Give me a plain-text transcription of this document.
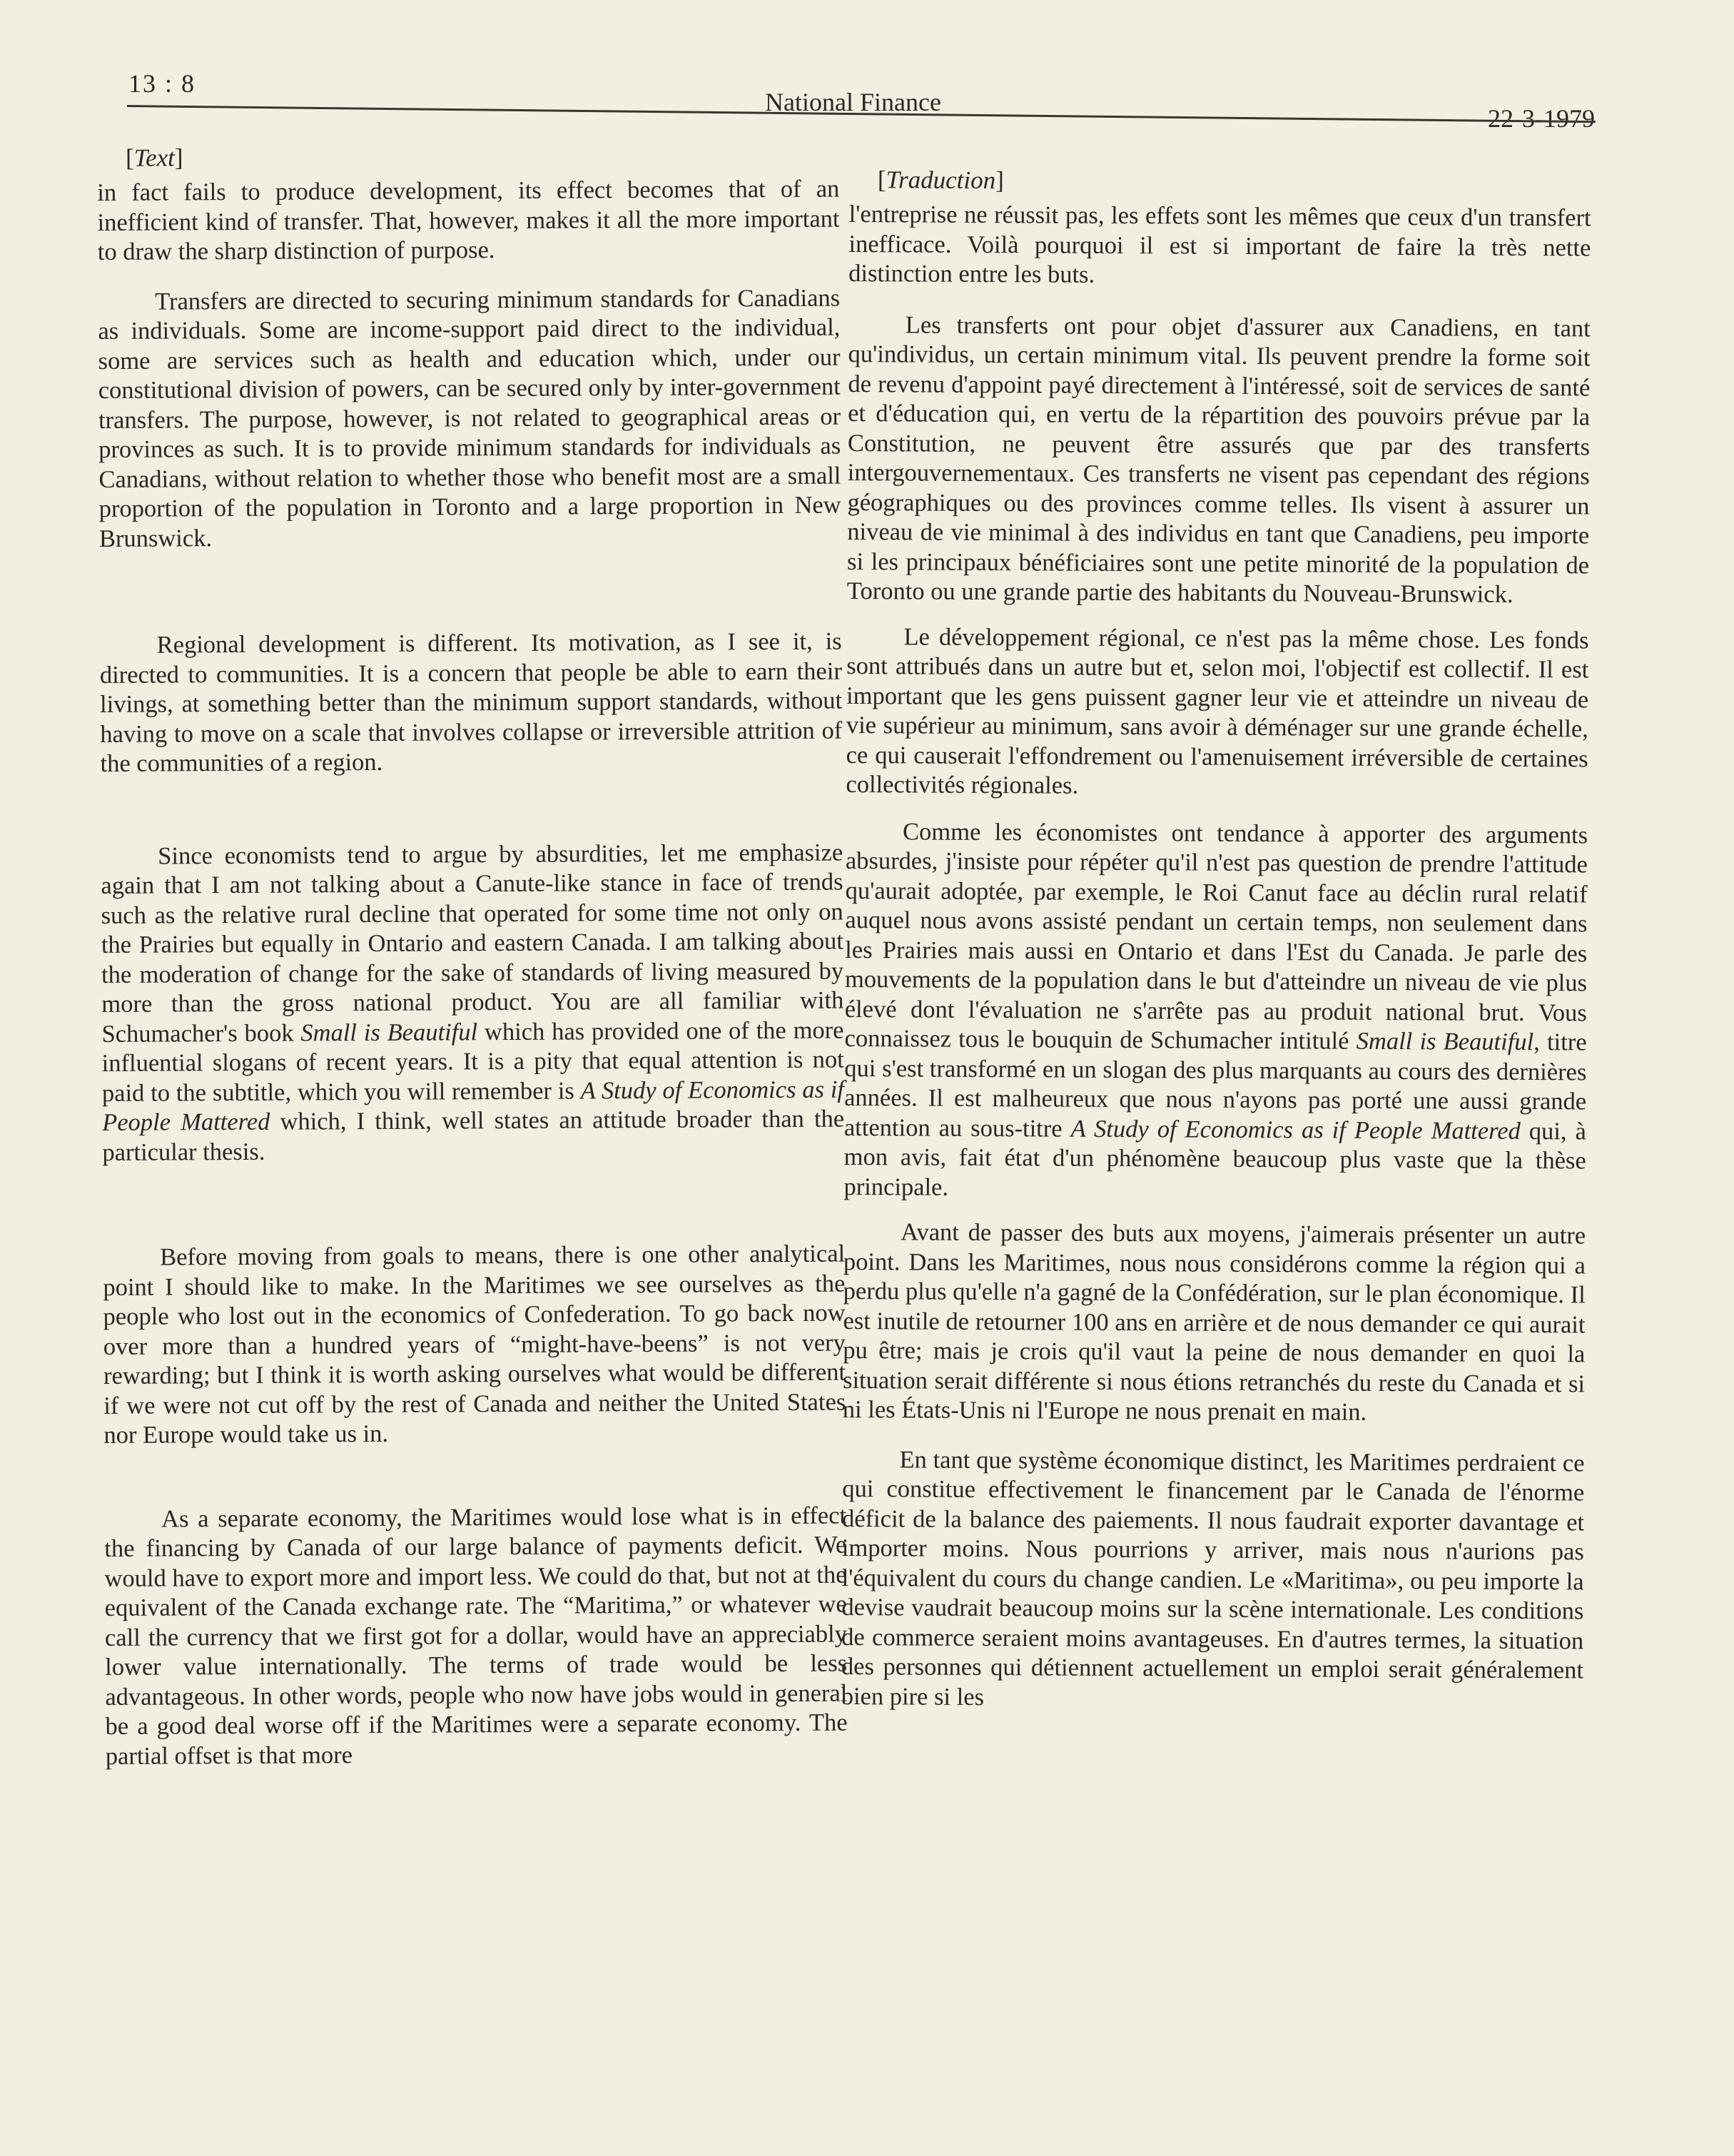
13 : 8
National Finance
22-3-1979
[Text]

in fact fails to produce development, its effect becomes that of an inefficient kind of transfer. That, however, makes it all the more important to draw the sharp distinction of purpose.

Transfers are directed to securing minimum standards for Canadians as individuals. Some are income-support paid direct to the individual, some are services such as health and education which, under our constitutional division of powers, can be secured only by inter-government transfers. The purpose, however, is not related to geographical areas or provinces as such. It is to provide minimum standards for individuals as Canadians, without relation to whether those who benefit most are a small proportion of the population in Toronto and a large proportion in New Brunswick.

Regional development is different. Its motivation, as I see it, is directed to communities. It is a concern that people be able to earn their livings, at something better than the minimum support standards, without having to move on a scale that involves collapse or irreversible attrition of the communities of a region.

Since economists tend to argue by absurdities, let me emphasize again that I am not talking about a Canute-like stance in face of trends such as the relative rural decline that operated for some time not only on the Prairies but equally in Ontario and eastern Canada. I am talking about the moderation of change for the sake of standards of living measured by more than the gross national product. You are all familiar with Schumacher's book Small is Beautiful which has provided one of the more influential slogans of recent years. It is a pity that equal attention is not paid to the subtitle, which you will remember is A Study of Economics as if People Mattered which, I think, well states an attitude broader than the particular thesis.

Before moving from goals to means, there is one other analytical point I should like to make. In the Maritimes we see ourselves as the people who lost out in the economics of Confederation. To go back now over more than a hundred years of “might-have-beens” is not very rewarding; but I think it is worth asking ourselves what would be different if we were not cut off by the rest of Canada and neither the United States nor Europe would take us in.

As a separate economy, the Maritimes would lose what is in effect the financing by Canada of our large balance of payments deficit. We would have to export more and import less. We could do that, but not at the equivalent of the Canada exchange rate. The “Maritima,” or whatever we call the currency that we first got for a dollar, would have an appreciably lower value internationally. The terms of trade would be less advantageous. In other words, people who now have jobs would in general be a good deal worse off if the Maritimes were a separate economy. The partial offset is that more

[Traduction]

l'entreprise ne réussit pas, les effets sont les mêmes que ceux d'un transfert inefficace. Voilà pourquoi il est si important de faire la très nette distinction entre les buts.

Les transferts ont pour objet d'assurer aux Canadiens, en tant qu'individus, un certain minimum vital. Ils peuvent prendre la forme soit de revenu d'appoint payé directement à l'intéressé, soit de services de santé et d'éducation qui, en vertu de la répartition des pouvoirs prévue par la Constitution, ne peuvent être assurés que par des transferts intergouvernementaux. Ces transferts ne visent pas cependant des régions géographiques ou des provinces comme telles. Ils visent à assurer un niveau de vie minimal à des individus en tant que Canadiens, peu importe si les principaux bénéficiaires sont une petite minorité de la population de Toronto ou une grande partie des habitants du Nouveau-Brunswick.

Le développement régional, ce n'est pas la même chose. Les fonds sont attribués dans un autre but et, selon moi, l'objectif est collectif. Il est important que les gens puissent gagner leur vie et atteindre un niveau de vie supérieur au minimum, sans avoir à déménager sur une grande échelle, ce qui causerait l'effondrement ou l'amenuisement irréversible de certaines collectivités régionales.

Comme les économistes ont tendance à apporter des arguments absurdes, j'insiste pour répéter qu'il n'est pas question de prendre l'attitude qu'aurait adoptée, par exemple, le Roi Canut face au déclin rural relatif auquel nous avons assisté pendant un certain temps, non seulement dans les Prairies mais aussi en Ontario et dans l'Est du Canada. Je parle des mouvements de la population dans le but d'atteindre un niveau de vie plus élevé dont l'évaluation ne s'arrête pas au produit national brut. Vous connaissez tous le bouquin de Schumacher intitulé Small is Beautiful, titre qui s'est transformé en un slogan des plus marquants au cours des dernières années. Il est malheureux que nous n'ayons pas porté une aussi grande attention au sous-titre A Study of Economics as if People Mattered qui, à mon avis, fait état d'un phénomène beaucoup plus vaste que la thèse principale.

Avant de passer des buts aux moyens, j'aimerais présenter un autre point. Dans les Maritimes, nous nous considérons comme la région qui a perdu plus qu'elle n'a gagné de la Confédération, sur le plan économique. Il est inutile de retourner 100 ans en arrière et de nous demander ce qui aurait pu être; mais je crois qu'il vaut la peine de nous demander en quoi la situation serait différente si nous étions retranchés du reste du Canada et si ni les États-Unis ni l'Europe ne nous prenait en main.

En tant que système économique distinct, les Maritimes perdraient ce qui constitue effectivement le financement par le Canada de l'énorme déficit de la balance des paiements. Il nous faudrait exporter davantage et importer moins. Nous pourrions y arriver, mais nous n'aurions pas l'équivalent du cours du change candien. Le «Maritima», ou peu importe la devise vaudrait beaucoup moins sur la scène internationale. Les conditions de commerce seraient moins avantageuses. En d'autres termes, la situation des personnes qui détiennent actuellement un emploi serait généralement bien pire si les
